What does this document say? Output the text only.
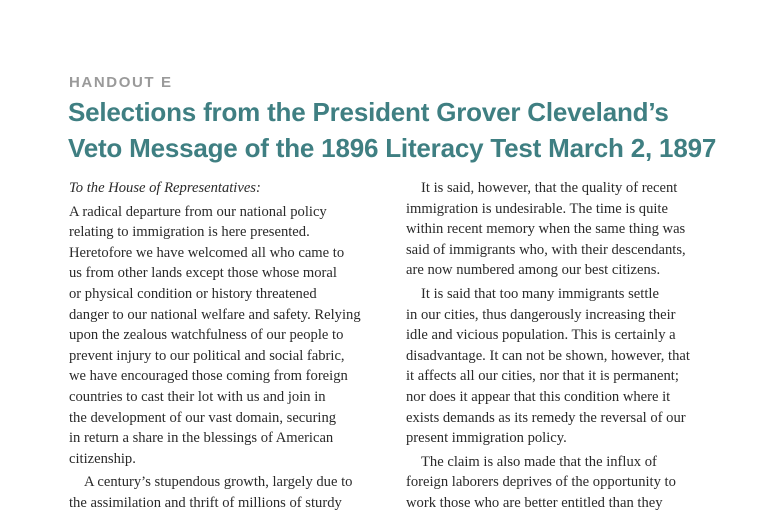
HANDOUT E
Selections from the President Grover Cleveland’s
Veto Message of the 1896 Literacy Test March 2, 1897
To the House of Representatives:
A radical departure from our national policy
relating to immigration is here presented.
Heretofore we have welcomed all who came to
us from other lands except those whose moral
or physical condition or history threatened
danger to our national welfare and safety. Relying
upon the zealous watchfulness of our people to
prevent injury to our political and social fabric,
we have encouraged those coming from foreign
countries to cast their lot with us and join in
the development of our vast domain, securing
in return a share in the blessings of American
citizenship.
A century’s stupendous growth, largely due to
the assimilation and thrift of millions of sturdy
It is said, however, that the quality of recent
immigration is undesirable. The time is quite
within recent memory when the same thing was
said of immigrants who, with their descendants,
are now numbered among our best citizens.
It is said that too many immigrants settle
in our cities, thus dangerously increasing their
idle and vicious population. This is certainly a
disadvantage. It can not be shown, however, that
it affects all our cities, nor that it is permanent;
nor does it appear that this condition where it
exists demands as its remedy the reversal of our
present immigration policy.
The claim is also made that the influx of
foreign laborers deprives of the opportunity to
work those who are better entitled than they
